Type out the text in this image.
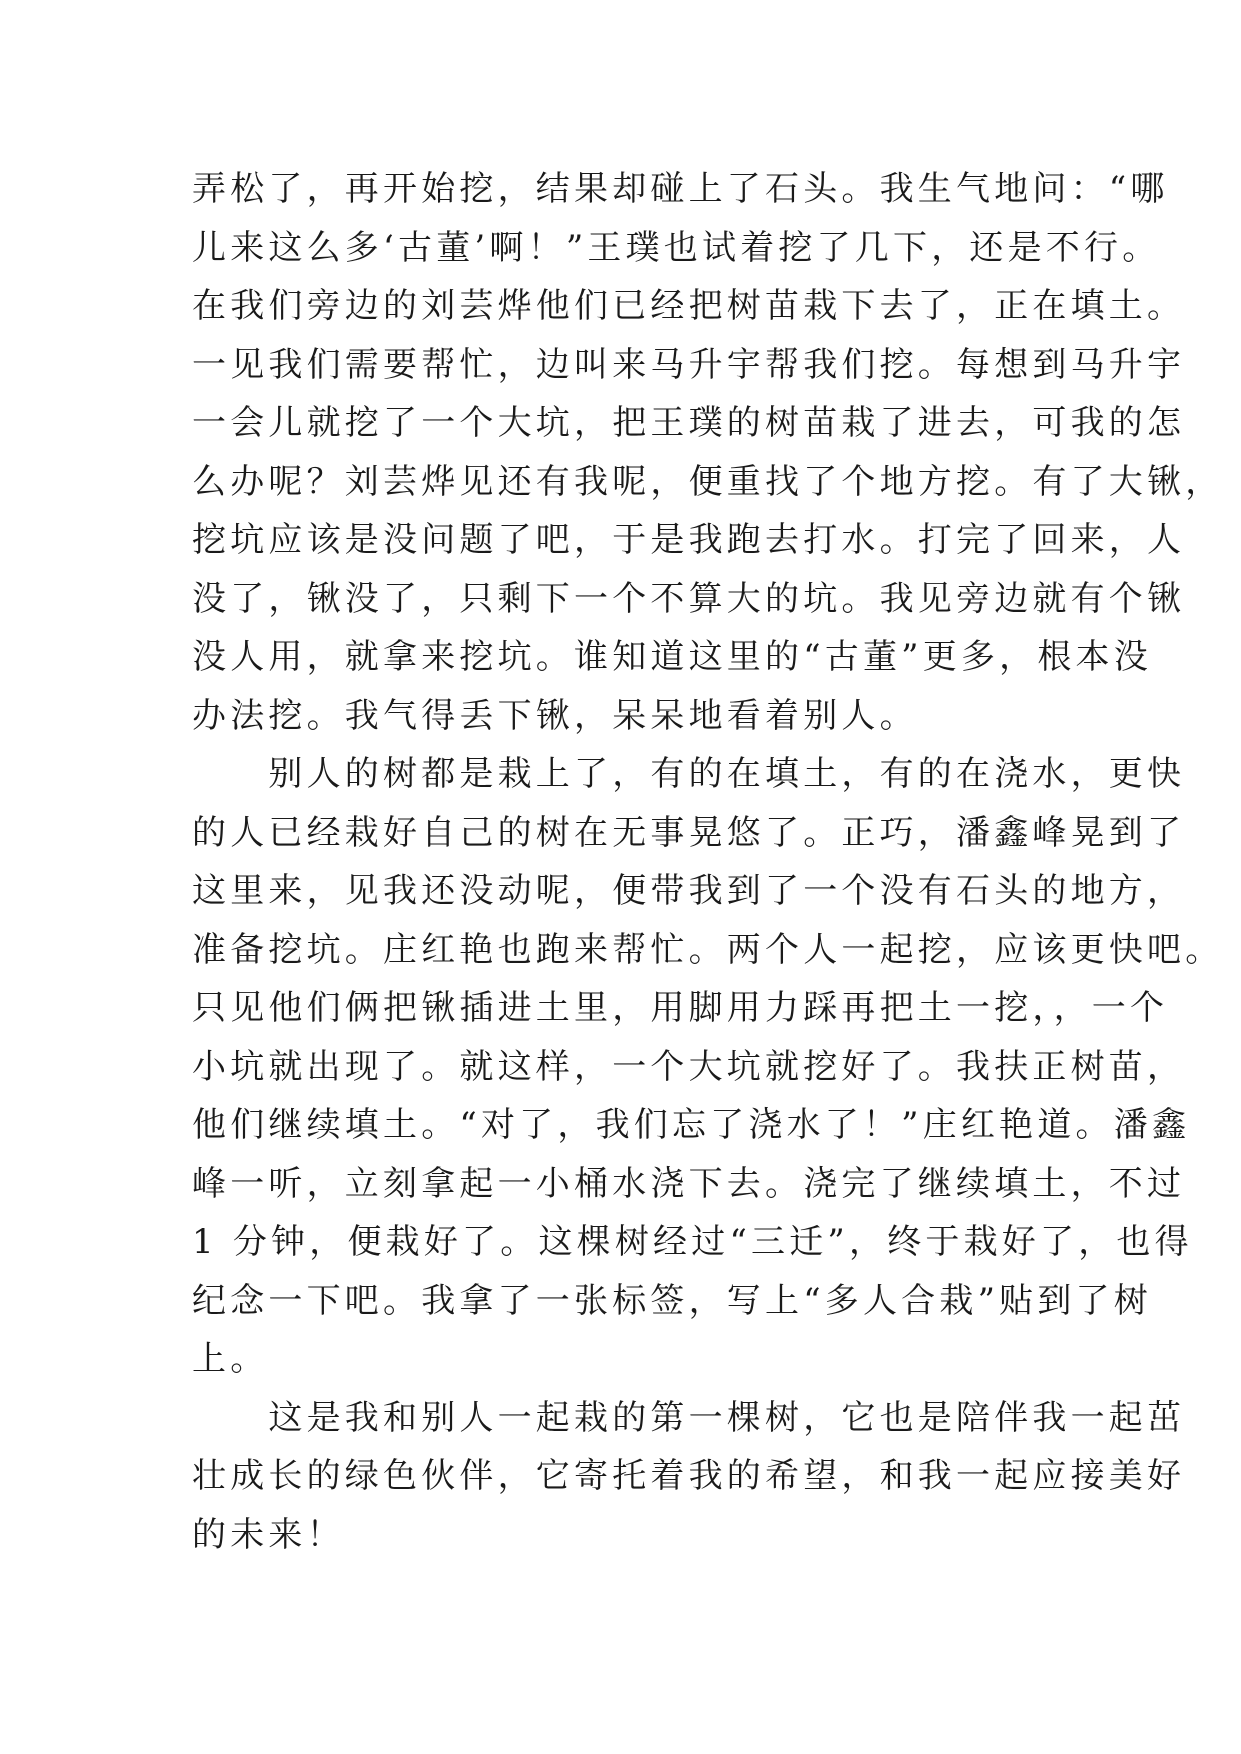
弄松了，再开始挖，结果却碰上了石头。我生气地问：“哪
儿来这么多‘古董’啊！”王璞也试着挖了几下，还是不行。
在我们旁边的刘芸烨他们已经把树苗栽下去了，正在填土。
一见我们需要帮忙，边叫来马升宇帮我们挖。每想到马升宇
一会儿就挖了一个大坑，把王璞的树苗栽了进去，可我的怎
么办呢？刘芸烨见还有我呢，便重找了个地方挖。有了大锹，
挖坑应该是没问题了吧，于是我跑去打水。打完了回来，人
没了，锹没了，只剩下一个不算大的坑。我见旁边就有个锹
没人用，就拿来挖坑。谁知道这里的“古董”更多，根本没
办法挖。我气得丢下锹，呆呆地看着别人。
　　别人的树都是栽上了，有的在填土，有的在浇水，更快
的人已经栽好自己的树在无事晃悠了。正巧，潘鑫峰晃到了
这里来，见我还没动呢，便带我到了一个没有石头的地方，
准备挖坑。庄红艳也跑来帮忙。两个人一起挖，应该更快吧。
只见他们俩把锹插进土里，用脚用力踩再把土一挖，，一个
小坑就出现了。就这样，一个大坑就挖好了。我扶正树苗，
他们继续填土。“对了，我们忘了浇水了！”庄红艳道。潘鑫
峰一听，立刻拿起一小桶水浇下去。浇完了继续填土，不过
1 分钟，便栽好了。这棵树经过“三迁”，终于栽好了，也得
纪念一下吧。我拿了一张标签，写上“多人合栽”贴到了树
上。
　　这是我和别人一起栽的第一棵树，它也是陪伴我一起茁
壮成长的绿色伙伴，它寄托着我的希望，和我一起应接美好
的未来！
